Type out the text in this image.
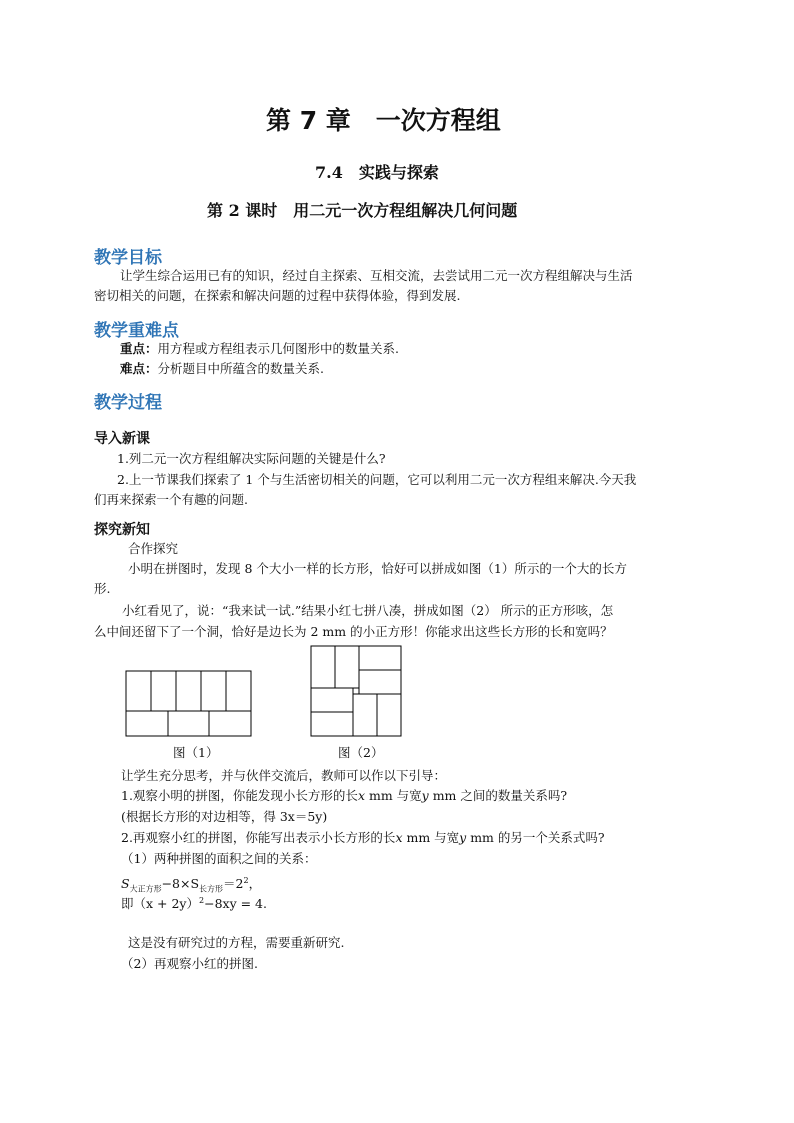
第 7 章　一次方程组
7.4　实践与探索
第 2 课时　用二元一次方程组解决几何问题
教学目标
让学生综合运用已有的知识，经过自主探索、互相交流，去尝试用二元一次方程组解决与生活
密切相关的问题，在探索和解决问题的过程中获得体验，得到发展.
教学重难点
重点：用方程或方程组表示几何图形中的数量关系.
难点：分析题目中所蕴含的数量关系.
教学过程
导入新课
1.列二元一次方程组解决实际问题的关键是什么?
2.上一节课我们探索了 1 个与生活密切相关的问题，它可以利用二元一次方程组来解决.今天我
们再来探索一个有趣的问题.
探究新知
合作探究
小明在拼图时，发现 8 个大小一样的长方形，恰好可以拼成如图（1）所示的一个大的长方
形.
小红看见了，说：“我来试一试.”结果小红七拼八凑，拼成如图（2） 所示的正方形咳，怎
么中间还留下了一个洞，恰好是边长为 2 mm 的小正方形！你能求出这些长方形的长和宽吗？
图（1）	图（2）
让学生充分思考，并与伙伴交流后，教师可以作以下引导：
1.观察小明的拼图，你能发现小长方形的长x mm 与宽y mm 之间的数量关系吗?
(根据长方形的对边相等，得 3x＝5y)
2.再观察小红的拼图，你能写出表示小长方形的长x mm 与宽y mm 的另一个关系式吗?
（1）两种拼图的面积之间的关系：
$S_{大正方形}-8\times S_{长方形}=2^2$，
即$(x + 2y)^2-8xy = 4$.
这是没有研究过的方程，需要重新研究.
（2）再观察小红的拼图.
